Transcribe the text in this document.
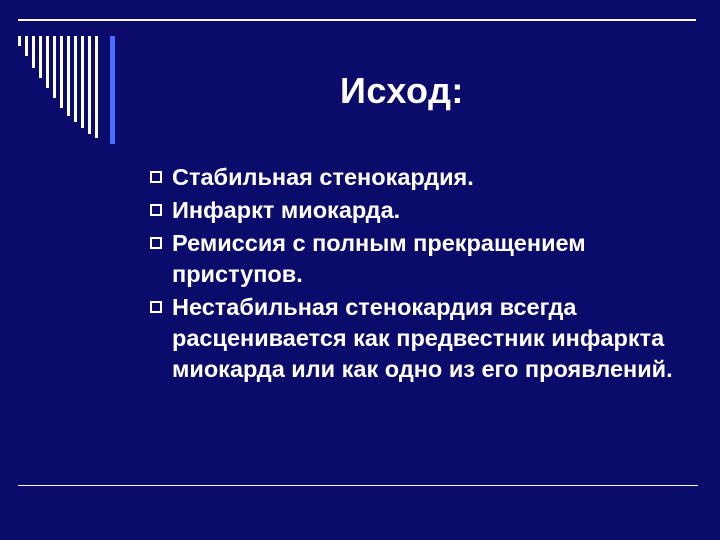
Исход:
Стабильная стенокардия.
Инфаркт миокарда.
Ремиссия с полным прекращением приступов.
Нестабильная стенокардия всегда расценивается как предвестник инфаркта миокарда или как одно из его проявлений.
